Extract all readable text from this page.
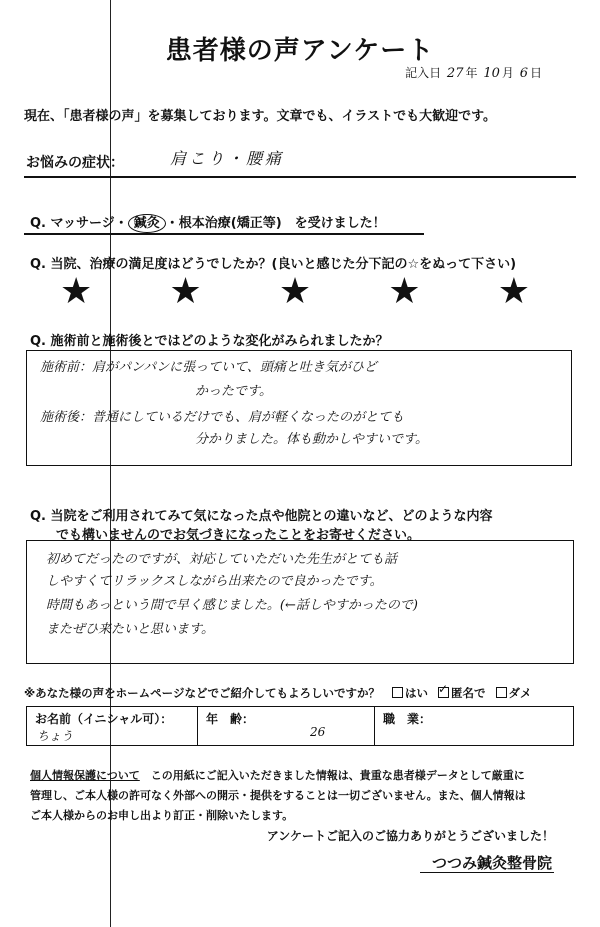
患者様の声アンケート
記入日 27 年 10 月 6 日
現在、「患者様の声」を募集しております。文章でも、イラストでも大歓迎です。
お悩みの症状：	肩こり・腰痛
Q. マッサージ・ 鍼灸 ・根本治療(矯正等)　を受けました！
Q. 当院、治療の満足度はどうでしたか？(良いと感じた分下記の☆をぬって下さい)
★ ★ ★ ★ ★
Q. 施術前と施術後とではどのような変化がみられましたか？
施術前：肩がパンパンに張っていて、頭痛と吐き気がひど
かったです。
施術後：普通にしているだけでも、肩が軽くなったのがとても
分かりました。体も動かしやすいです。
Q. 当院をご利用されてみて気になった点や他院との違いなど、どのような内容
でも構いませんのでお気づきになったことをお寄せください。
初めてだったのですが、対応していただいた先生がとても話
しやすくてリラックスしながら出来たので良かったです。
時間もあっという間で早く感じました。(←話しやすかったので)
またぜひ来たいと思います。
※あなた様の声をホームページなどでご紹介してもよろしいですか？ はい ✓ 匿名で ダメ
お名前（イニシャル可）：
ちょう
年　齢：
26
職　業：
個人情報保護について　この用紙にご記入いただきました情報は、貴重な患者様データとして厳重に
管理し、ご本人様の許可なく外部への開示・提供をすることは一切ございません。また、個人情報は
ご本人様からのお申し出より訂正・削除いたします。
アンケートご記入のご協力ありがとうございました！
つつみ鍼灸整骨院
